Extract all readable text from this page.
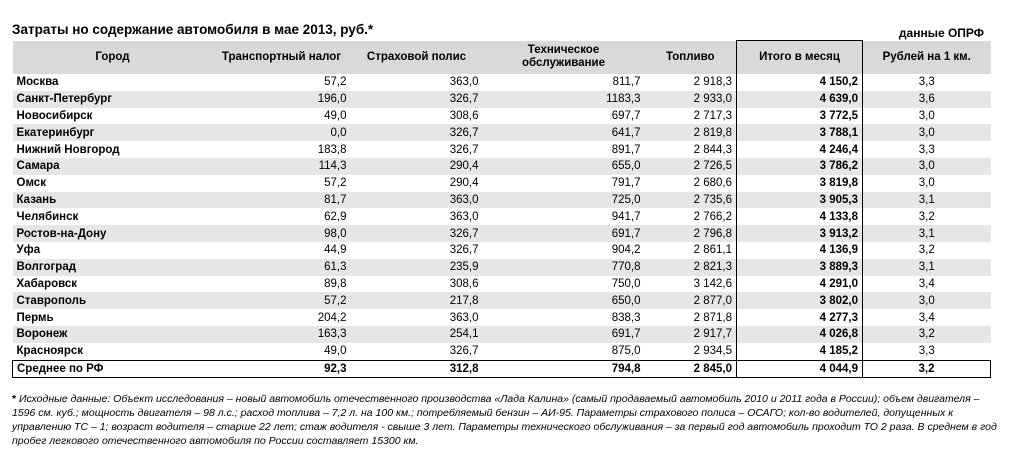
Затраты но содержание автомобиля в мае 2013, руб.*	данные ОПРФ
Город	Транспортный налог	Страховой полис	Техническое обслуживание	Топливо	Итого в месяц	Рублей на 1 км.
Москва	57,2	363,0	811,7	2 918,3	4 150,2	3,3
Санкт-Петербург	196,0	326,7	1183,3	2 933,0	4 639,0	3,6
Новосибирск	49,0	308,6	697,7	2 717,3	3 772,5	3,0
Екатеринбург	0,0	326,7	641,7	2 819,8	3 788,1	3,0
Нижний Новгород	183,8	326,7	891,7	2 844,3	4 246,4	3,3
Самара	114,3	290,4	655,0	2 726,5	3 786,2	3,0
Омск	57,2	290,4	791,7	2 680,6	3 819,8	3,0
Казань	81,7	363,0	725,0	2 735,6	3 905,3	3,1
Челябинск	62,9	363,0	941,7	2 766,2	4 133,8	3,2
Ростов-на-Дону	98,0	326,7	691,7	2 796,8	3 913,2	3,1
Уфа	44,9	326,7	904,2	2 861,1	4 136,9	3,2
Волгоград	61,3	235,9	770,8	2 821,3	3 889,3	3,1
Хабаровск	89,8	308,6	750,0	3 142,6	4 291,0	3,4
Ставрополь	57,2	217,8	650,0	2 877,0	3 802,0	3,0
Пермь	204,2	363,0	838,3	2 871,8	4 277,3	3,4
Воронеж	163,3	254,1	691,7	2 917,7	4 026,8	3,2
Красноярск	49,0	326,7	875,0	2 934,5	4 185,2	3,3
Среднее по РФ	92,3	312,8	794,8	2 845,0	4 044,9	3,2
* Исходные данные: Объект исследования – новый автомобиль отечественного производства «Лада Калина» (самый продаваемый автомобиль 2010 и 2011 года в России); объем двигателя – 1596 см. куб.; мощность двигателя – 98 л.с.; расход топлива – 7,2 л. на 100 км.; потребляемый бензин – АИ-95. Параметры страхового полиса – ОСАГО; кол-во водителей, допущенных к управлению ТС – 1; возраст водителя – старше 22 лет; стаж водителя - свыше 3 лет. Параметры технического обслуживания – за первый год автомобиль проходит ТО 2 раза. В среднем в год пробег легкового отечественного автомобиля по России составляет 15300 км.
